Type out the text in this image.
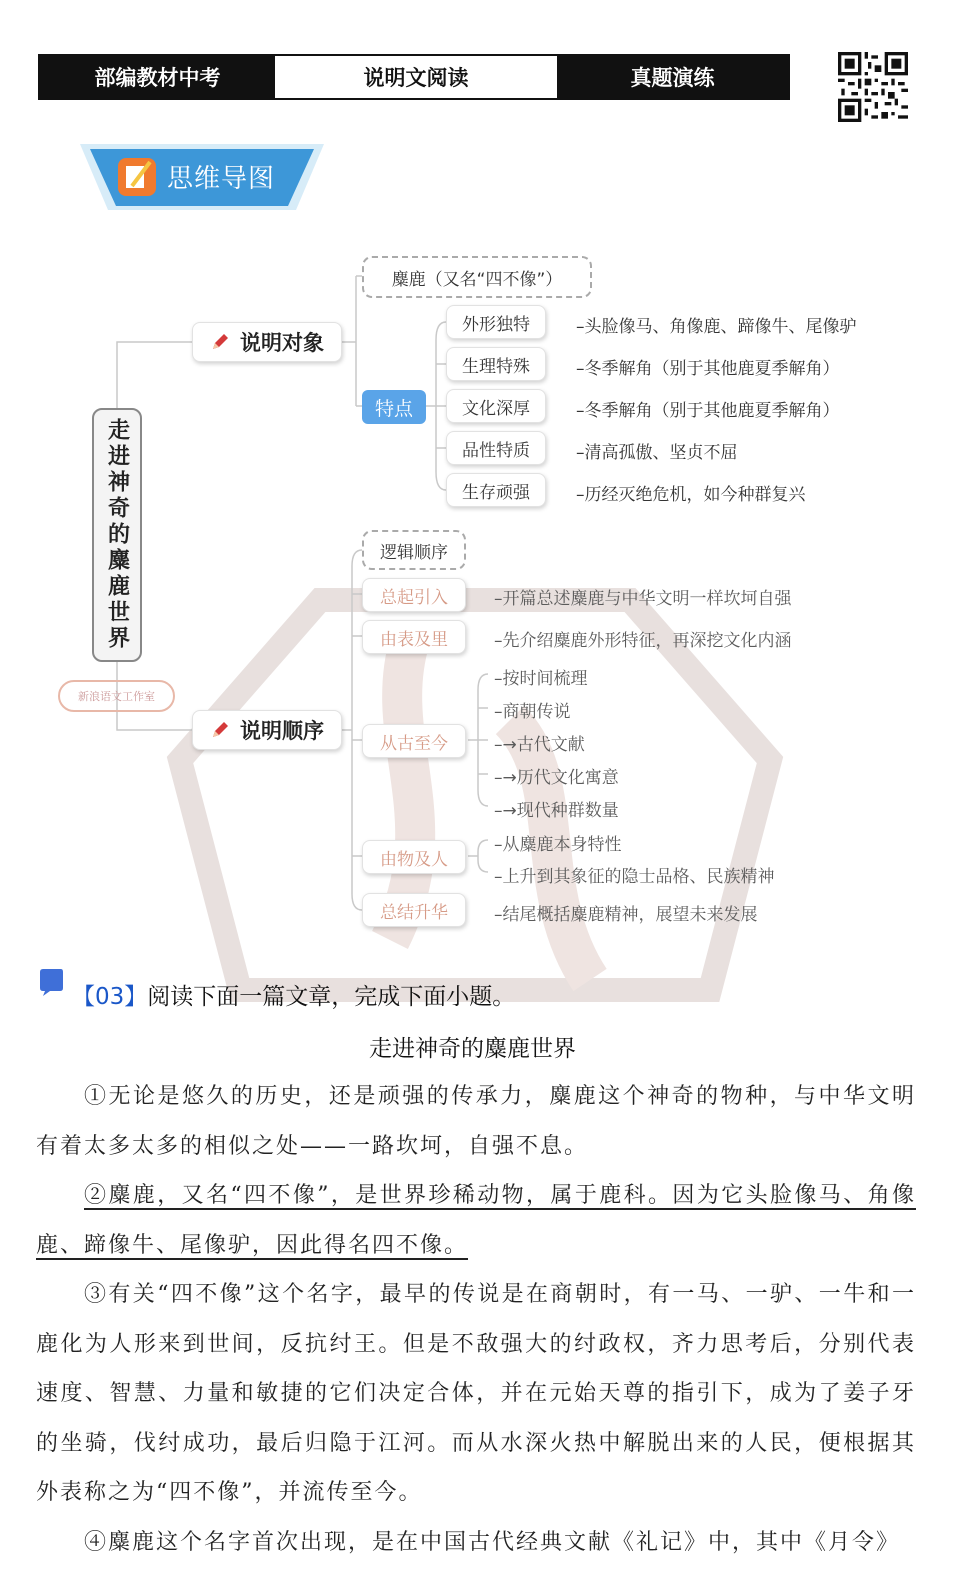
部编教材中考	说明文阅读	真题演练
思维导图
走进神奇的麋鹿世界
新浪语文工作室
说明对象
麋鹿（又名“四不像”）
特点
外形独特	–头脸像马、角像鹿、蹄像牛、尾像驴
生理特殊	–冬季解角（别于其他鹿夏季解角）
文化深厚	–冬季解角（别于其他鹿夏季解角）
品性特质	–清高孤傲、坚贞不屈
生存顽强	–历经灭绝危机，如今种群复兴
说明顺序
逻辑顺序
总起引入	–开篇总述麋鹿与中华文明一样坎坷自强
由表及里	–先介绍麋鹿外形特征，再深挖文化内涵
从古至今
–按时间梳理
–商朝传说
–→古代文献
–→历代文化寓意
–→现代种群数量
由物及人
–从麋鹿本身特性
–上升到其象征的隐士品格、民族精神
总结升华	–结尾概括麋鹿精神，展望未来发展
【03】阅读下面一篇文章，完成下面小题。
走进神奇的麋鹿世界

①无论是悠久的历史，还是顽强的传承力，麋鹿这个神奇的物种，与中华文明有着太多太多的相似之处——一路坎坷，自强不息。

②麋鹿，又名“四不像”，是世界珍稀动物，属于鹿科。因为它头脸像马、角像鹿、蹄像牛、尾像驴，因此得名四不像。

③有关“四不像”这个名字，最早的传说是在商朝时，有一马、一驴、一牛和一鹿化为人形来到世间，反抗纣王。但是不敌强大的纣政权，齐力思考后，分别代表速度、智慧、力量和敏捷的它们决定合体，并在元始天尊的指引下，成为了姜子牙的坐骑，伐纣成功，最后归隐于江河。而从水深火热中解脱出来的人民，便根据其外表称之为“四不像”，并流传至今。

④麋鹿这个名字首次出现，是在中国古代经典文献《礼记》中，其中《月令》
